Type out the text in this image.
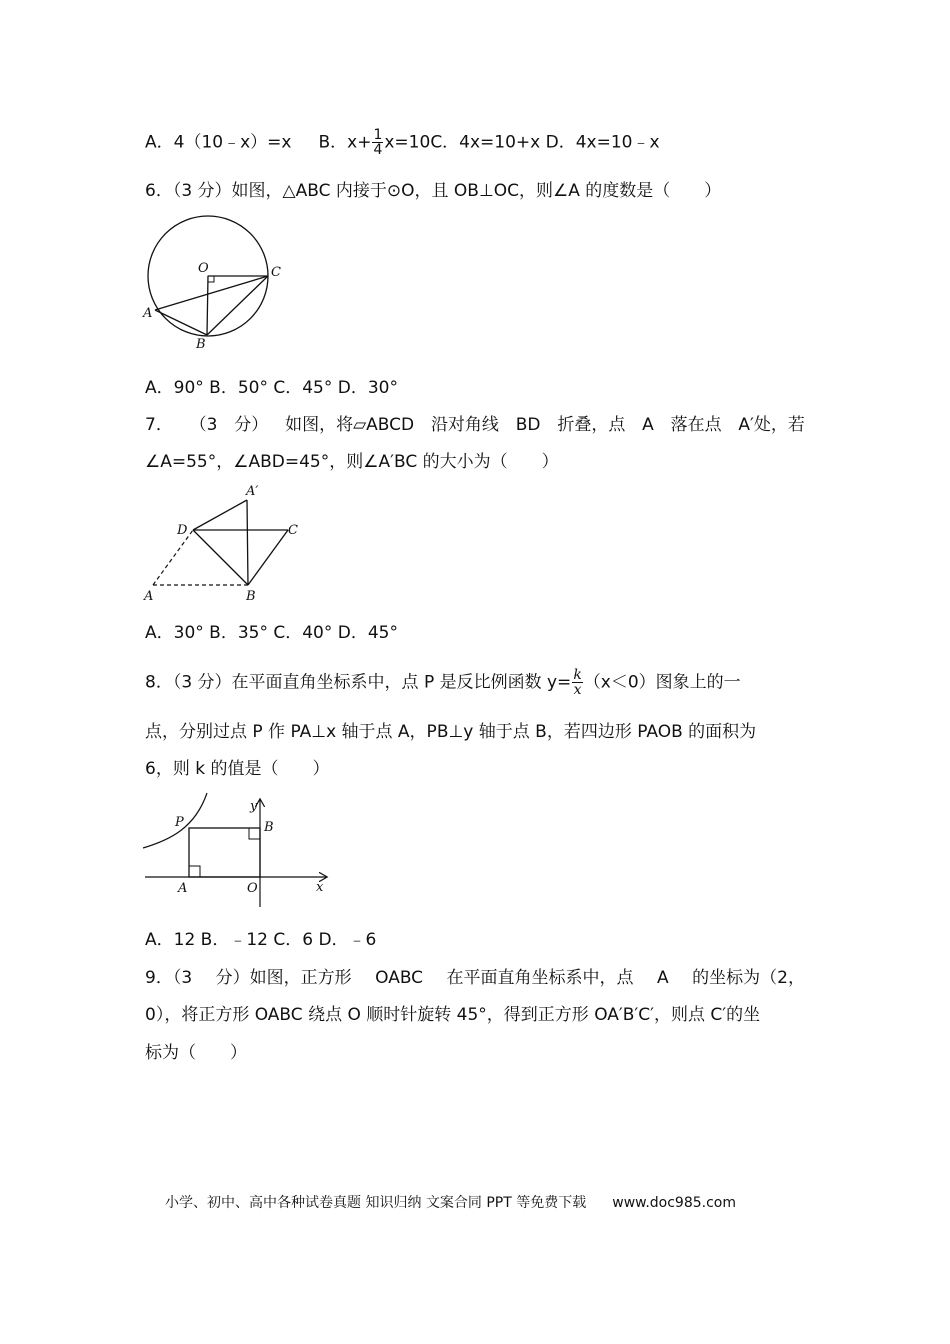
A．4（10﹣x）=x B．$x+ \frac{1}{4} x=10C$．4x=10+x D．4x=10﹣x
6．（3 分）如图，△ABC 内接于⊙O，且 OB⊥OC，则∠A 的度数是（　　）
O	C
A
B
A．90° B．50° C．45° D．30°
7． （3 分） 如图，将▱ABCD 沿对角线 BD 折叠，点 A 落在点 A′处，若
∠A=55°，∠ABD=45°，则∠A′BC 的大小为（　　）
A′
D	C
A	B
A．30° B．35° C．40° D．45°
8．（3 分）在平面直角坐标系中，点 P 是反比例函数 $y= \frac{k}{x} (x<0)$图象上的一
点，分别过点 P 作 PA⊥x 轴于点 A，PB⊥y 轴于点 B，若四边形 PAOB 的面积为
6，则 k 的值是（　　）
y
P	B
A	O	x
A．12 B．﹣12 C．6 D．﹣6
9．（3 分）如图，正方形 OABC 在平面直角坐标系中，点 A 的坐标为（2，
0），将正方形 OABC 绕点 O 顺时针旋转 45°，得到正方形 OA′B′C′，则点 C′的坐
标为（　　）
小学、初中、高中各种试卷真题 知识归纳 文案合同 PPT 等免费下载 www.doc985.com
